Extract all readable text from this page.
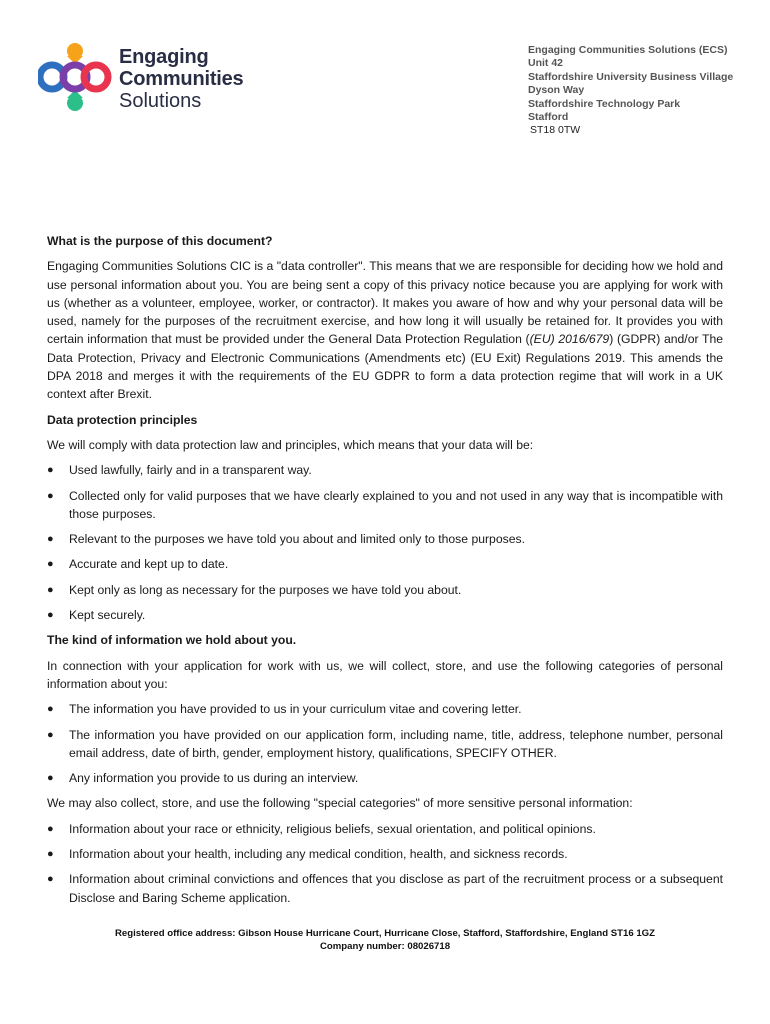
Engaging
Communities
Solutions
Engaging Communities Solutions (ECS)
Unit 42
Staffordshire University Business Village
Dyson Way
Staffordshire Technology Park
Stafford
ST18 0TW
What is the purpose of this document?

Engaging Communities Solutions CIC is a "data controller". This means that we are responsible for deciding how we hold and use personal information about you. You are being sent a copy of this privacy notice because you are applying for work with us (whether as a volunteer, employee, worker, or contractor). It makes you aware of how and why your personal data will be used, namely for the purposes of the recruitment exercise, and how long it will usually be retained for. It provides you with certain information that must be provided under the General Data Protection Regulation ((EU) 2016/679) (GDPR) and/or The Data Protection, Privacy and Electronic Communications (Amendments etc) (EU Exit) Regulations 2019. This amends the DPA 2018 and merges it with the requirements of the EU GDPR to form a data protection regime that will work in a UK context after Brexit.

Data protection principles

We will comply with data protection law and principles, which means that your data will be:

● Used lawfully, fairly and in a transparent way.
● Collected only for valid purposes that we have clearly explained to you and not used in any way that is incompatible with those purposes.
● Relevant to the purposes we have told you about and limited only to those purposes.
● Accurate and kept up to date.
● Kept only as long as necessary for the purposes we have told you about.
● Kept securely.
The kind of information we hold about you.

In connection with your application for work with us, we will collect, store, and use the following categories of personal information about you:

● The information you have provided to us in your curriculum vitae and covering letter.
● The information you have provided on our application form, including name, title, address, telephone number, personal email address, date of birth, gender, employment history, qualifications, SPECIFY OTHER.
● Any information you provide to us during an interview.

We may also collect, store, and use the following "special categories" of more sensitive personal information:

● Information about your race or ethnicity, religious beliefs, sexual orientation, and political opinions.
● Information about your health, including any medical condition, health, and sickness records.
● Information about criminal convictions and offences that you disclose as part of the recruitment process or a subsequent Disclose and Baring Scheme application.
Registered office address: Gibson House Hurricane Court, Hurricane Close, Stafford, Staffordshire, England ST16 1GZ
Company number: 08026718
